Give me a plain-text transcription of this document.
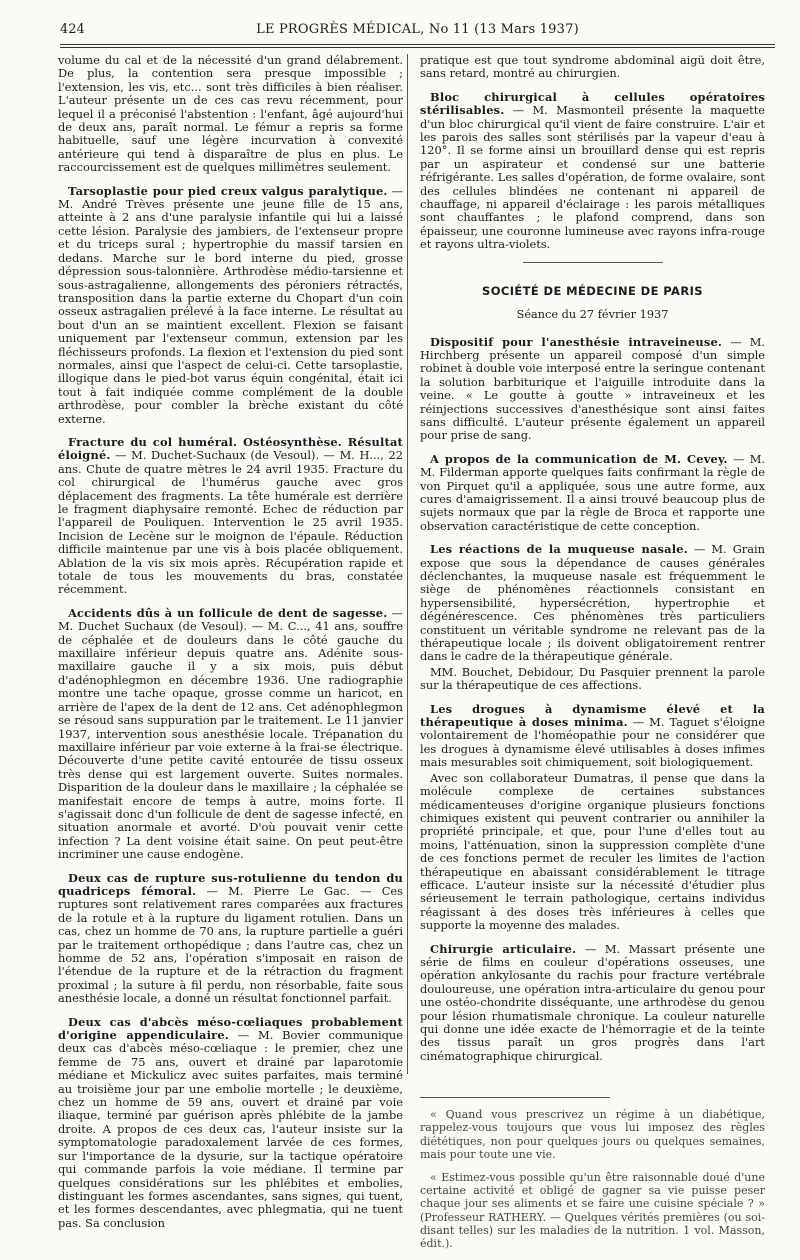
424	LE PROGRÈS MÉDICAL, No 11 (13 Mars 1937)

volume du cal et de la nécessité d'un grand délabrement. De plus, la contention sera presque impossible ; l'extension, les vis, etc... sont très difficiles à bien réaliser. L'auteur présente un de ces cas revu récemment, pour lequel il a préconisé l'abstention : l'enfant, âgé aujourd'hui de deux ans, paraît normal. Le fémur a repris sa forme habituelle, sauf une légère incurvation à convexité antérieure qui tend à disparaître de plus en plus. Le raccourcissement est de quelques millimètres seulement.

Tarsoplastie pour pied creux valgus paralytique. — M. André Trèves présente une jeune fille de 15 ans, atteinte à 2 ans d'une paralysie infantile qui lui a laissé cette lésion. Paralysie des jambiers, de l'extenseur propre et du triceps sural ; hypertrophie du massif tarsien en dedans. Marche sur le bord interne du pied, grosse dépression sous-talonnière. Arthrodèse médio-tarsienne et sous-astragalienne, allongements des péroniers rétractés, transposition dans la partie externe du Chopart d'un coin osseux astragalien prélevé à la face interne. Le résultat au bout d'un an se maintient excellent. Flexion se faisant uniquement par l'extenseur commun, extension par les fléchisseurs profonds. La flexion et l'extension du pied sont normales, ainsi que l'aspect de celui-ci. Cette tarsoplastie, illogique dans le pied-bot varus équin congénital, était ici tout à fait indiquée comme complément de la double arthrodèse, pour combler la brèche existant du côté externe.

Fracture du col huméral. Ostéosynthèse. Résultat éloigné. — M. Duchet-Suchaux (de Vesoul). — M. H..., 22 ans. Chute de quatre mètres le 24 avril 1935. Fracture du col chirurgical de l'humérus gauche avec gros déplacement des fragments. La tête humérale est derrière le fragment diaphysaire remonté. Echec de réduction par l'appareil de Pouliquen. Intervention le 25 avril 1935. Incision de Lecène sur le moignon de l'épaule. Réduction difficile maintenue par une vis à bois placée obliquement. Ablation de la vis six mois après. Récupération rapide et totale de tous les mouvements du bras, constatée récemment.

Accidents dûs à un follicule de dent de sagesse. — M. Duchet Suchaux (de Vesoul). — M. C..., 41 ans, souffre de céphalée et de douleurs dans le côté gauche du maxillaire inférieur depuis quatre ans. Adénite sous-maxillaire gauche il y a six mois, puis début d'adénophlegmon en décembre 1936. Une radiographie montre une tache opaque, grosse comme un haricot, en arrière de l'apex de la dent de 12 ans. Cet adénophlegmon se résoud sans suppuration par le traitement. Le 11 janvier 1937, intervention sous anesthésie locale. Trépanation du maxillaire inférieur par voie externe à la frai-se électrique. Découverte d'une petite cavité entourée de tissu osseux très dense qui est largement ouverte. Suites normales. Disparition de la douleur dans le maxillaire ; la céphalée se manifestait encore de temps à autre, moins forte. Il s'agissait donc d'un follicule de dent de sagesse infecté, en situation anormale et avorté. D'où pouvait venir cette infection ? La dent voisine était saine. On peut peut-être incriminer une cause endogène.

Deux cas de rupture sus-rotulienne du tendon du quadriceps fémoral. — M. Pierre Le Gac. — Ces ruptures sont relativement rares comparées aux fractures de la rotule et à la rupture du ligament rotulien. Dans un cas, chez un homme de 70 ans, la rupture partielle a guéri par le traitement orthopédique ; dans l'autre cas, chez un homme de 52 ans, l'opération s'imposait en raison de l'étendue de la rupture et de la rétraction du fragment proximal ; la suture à fil perdu, non résorbable, faite sous anesthésie locale, a donné un résultat fonctionnel parfait.

Deux cas d'abcès méso-cœliaques probablement d'origine appendiculaire. — M. Bovier communique deux cas d'abcès méso-cœliaque : le premier, chez une femme de 75 ans, ouvert et drainé par laparotomie médiane et Mickulicz avec suites parfaites, mais terminé au troisième jour par une embolie mortelle ; le deuxième, chez un homme de 59 ans, ouvert et drainé par voie iliaque, terminé par guérison après phlébite de la jambe droite. A propos de ces deux cas, l'auteur insiste sur la symptomatologie paradoxalement larvée de ces formes, sur l'importance de la dysurie, sur la tactique opératoire qui commande parfois la voie médiane. Il termine par quelques considérations sur les phlébites et embolies, distinguant les formes ascendantes, sans signes, qui tuent, et les formes descendantes, avec phlegmatia, qui ne tuent pas. Sa conclusion

pratique est que tout syndrome abdominal aigü doit être, sans retard, montré au chirurgien.

Bloc chirurgical à cellules opératoires stérilisables. — M. Masmonteil présente la maquette d'un bloc chirurgical qu'il vient de faire construire. L'air et les parois des salles sont stérilisés par la vapeur d'eau à 120°. Il se forme ainsi un brouillard dense qui est repris par un aspirateur et condensé sur une batterie réfrigérante. Les salles d'opération, de forme ovalaire, sont des cellules blindées ne contenant ni appareil de chauffage, ni appareil d'éclairage : les parois métalliques sont chauffantes ; le plafond comprend, dans son épaisseur, une couronne lumineuse avec rayons infra-rouge et rayons ultra-violets.

SOCIÉTÉ DE MÉDECINE DE PARIS
Séance du 27 février 1937

Dispositif pour l'anesthésie intraveineuse. — M. Hirchberg présente un appareil composé d'un simple robinet à double voie interposé entre la seringue contenant la solution barbiturique et l'aiguille introduite dans la veine. « Le goutte à goutte » intraveineux et les réinjections successives d'anesthésique sont ainsi faites sans difficulté. L'auteur présente également un appareil pour prise de sang.

A propos de la communication de M. Cevey. — M. M. Filderman apporte quelques faits confirmant la règle de von Pirquet qu'il a appliquée, sous une autre forme, aux cures d'amaigrissement. Il a ainsi trouvé beaucoup plus de sujets normaux que par la règle de Broca et rapporte une observation caractéristique de cette conception.

Les réactions de la muqueuse nasale. — M. Grain expose que sous la dépendance de causes générales déclenchantes, la muqueuse nasale est fréquemment le siège de phénomènes réactionnels consistant en hypersensibilité, hypersécrétion, hypertrophie et dégénérescence. Ces phénomènes très particuliers constituent un véritable syndrome ne relevant pas de la thérapeutique locale ; ils doivent obligatoirement rentrer dans le cadre de la thérapeutique générale.

MM. Bouchet, Debidour, Du Pasquier prennent la parole sur la thérapeutique de ces affections.

Les drogues à dynamisme élevé et la thérapeutique à doses minima. — M. Taguet s'éloigne volontairement de l'homéopathie pour ne considérer que les drogues à dynamisme élevé utilisables à doses infimes mais mesurables soit chimiquement, soit biologiquement.

Avec son collaborateur Dumatras, il pense que dans la molécule complexe de certaines substances médicamenteuses d'origine organique plusieurs fonctions chimiques existent qui peuvent contrarier ou annihiler la propriété principale, et que, pour l'une d'elles tout au moins, l'atténuation, sinon la suppression complète d'une de ces fonctions permet de reculer les limites de l'action thérapeutique en abaissant considérablement le titrage efficace. L'auteur insiste sur la nécessité d'étudier plus sérieusement le terrain pathologique, certains individus réagissant à des doses très inférieures à celles que supporte la moyenne des malades.

Chirurgie articulaire. — M. Massart présente une série de films en couleur d'opérations osseuses, une opération ankylosante du rachis pour fracture vertébrale douloureuse, une opération intra-articulaire du genou pour une ostéo-chondrite disséquante, une arthrodèse du genou pour lésion rhumatismale chronique. La couleur naturelle qui donne une idée exacte de l'hémorragie et de la teinte des tissus paraît un gros progrès dans l'art cinématographique chirurgical.

« Quand vous prescrivez un régime à un diabétique, rappelez-vous toujours que vous lui imposez des règles diététiques, non pour quelques jours ou quelques semaines, mais pour toute une vie.

« Estimez-vous possible qu'un être raisonnable doué d'une certaine activité et obligé de gagner sa vie puisse peser chaque jour ses aliments et se faire une cuisine spéciale ? » (Professeur RATHERY. — Quelques vérités premières (ou soi-disant telles) sur les maladies de la nutrition. 1 vol. Masson, édit.).
